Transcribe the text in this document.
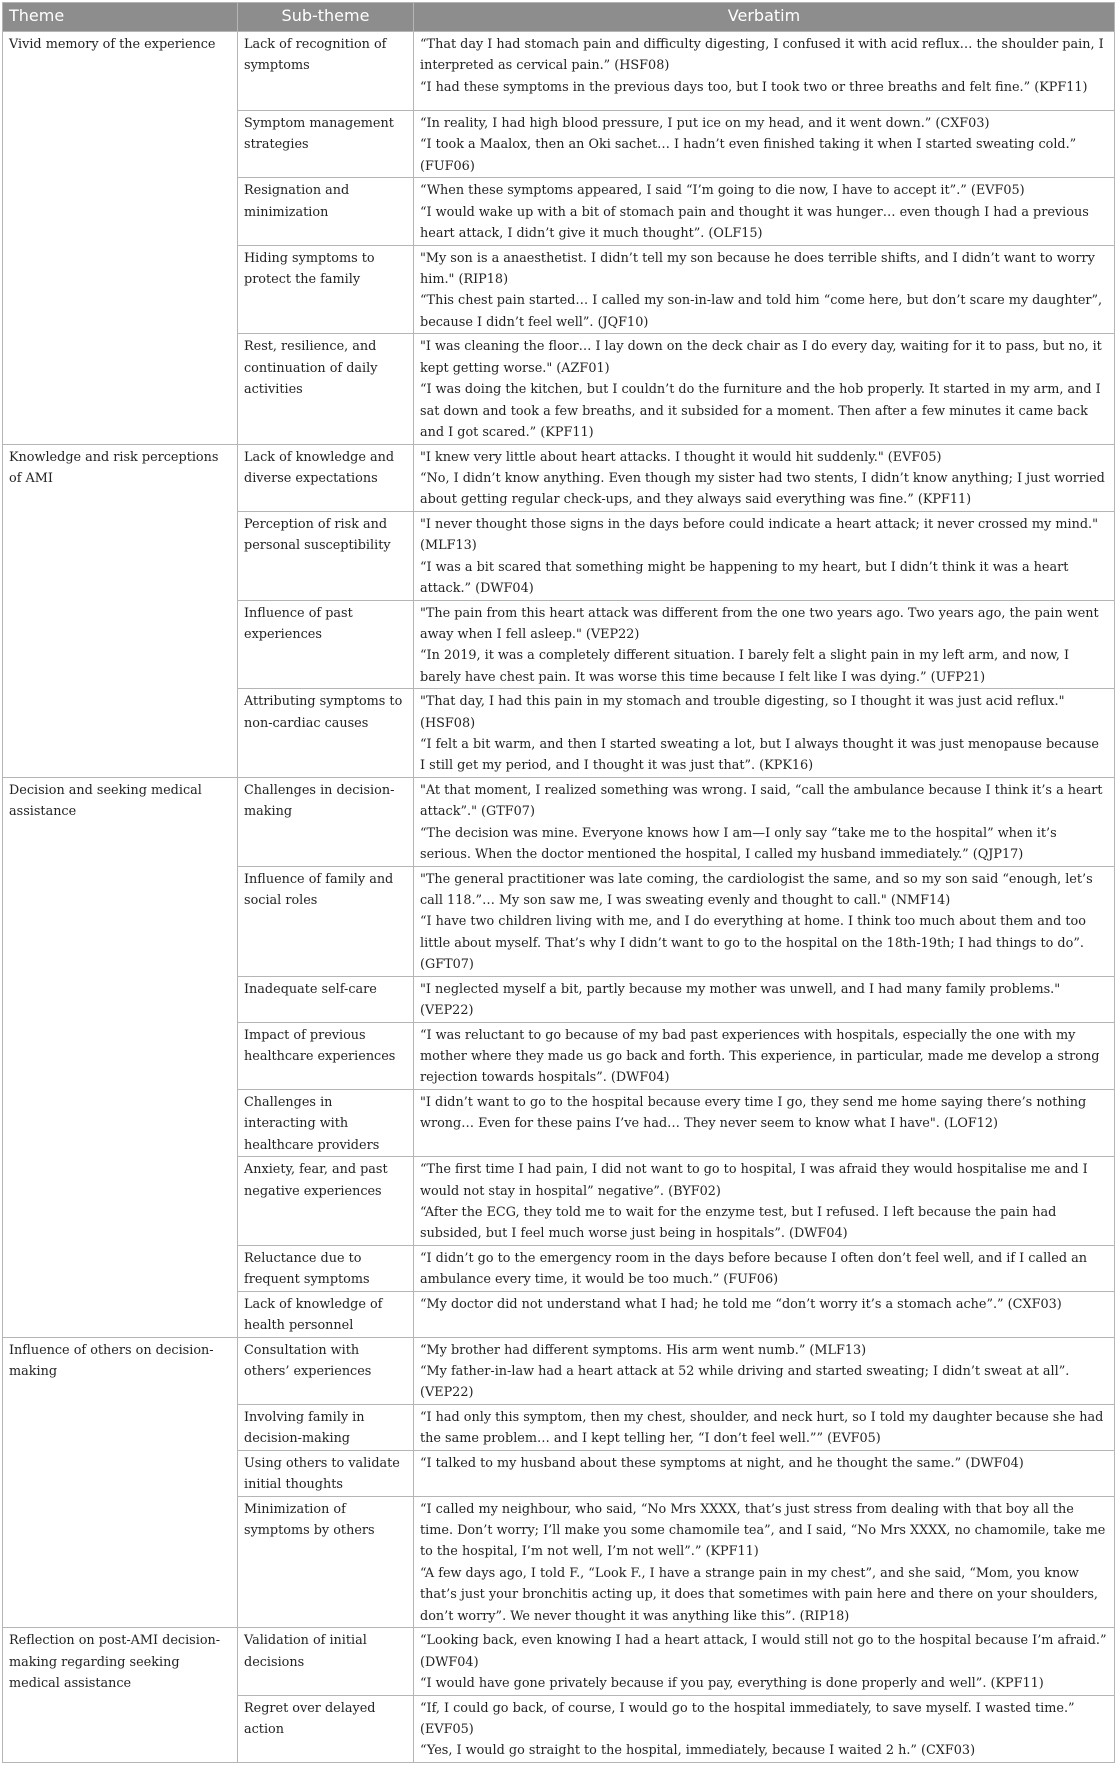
Theme	Sub-theme	Verbatim
Vivid memory of the experience	Lack of recognition of symptoms	“That day I had stomach pain and difficulty digesting, I confused it with acid reflux… the shoulder pain, I interpreted as cervical pain.” (HSF08)
“I had these symptoms in the previous days too, but I took two or three breaths and felt fine.” (KPF11)

	Symptom management strategies	“In reality, I had high blood pressure, I put ice on my head, and it went down.” (CXF03)
“I took a Maalox, then an Oki sachet… I hadn’t even finished taking it when I started sweating cold.” (FUF06)

	Resignation and minimization	“When these symptoms appeared, I said “I’m going to die now, I have to accept it”.” (EVF05)
“I would wake up with a bit of stomach pain and thought it was hunger… even though I had a previous heart attack, I didn’t give it much thought”. (OLF15)

	Hiding symptoms to protect the family	"My son is a anaesthetist. I didn’t tell my son because he does terrible shifts, and I didn’t want to worry him." (RIP18)
“This chest pain started… I called my son-in-law and told him “come here, but don’t scare my daughter”, because I didn’t feel well”. (JQF10)

	Rest, resilience, and continuation of daily activities	"I was cleaning the floor… I lay down on the deck chair as I do every day, waiting for it to pass, but no, it kept getting worse." (AZF01)
“I was doing the kitchen, but I couldn’t do the furniture and the hob properly. It started in my arm, and I sat down and took a few breaths, and it subsided for a moment. Then after a few minutes it came back and I got scared.” (KPF11)

Knowledge and risk perceptions of AMI	Lack of knowledge and diverse expectations	"I knew very little about heart attacks. I thought it would hit suddenly." (EVF05)
“No, I didn’t know anything. Even though my sister had two stents, I didn’t know anything; I just worried about getting regular check-ups, and they always said everything was fine.” (KPF11)

	Perception of risk and personal susceptibility	"I never thought those signs in the days before could indicate a heart attack; it never crossed my mind." (MLF13)
“I was a bit scared that something might be happening to my heart, but I didn’t think it was a heart attack.” (DWF04)

	Influence of past experiences	"The pain from this heart attack was different from the one two years ago. Two years ago, the pain went away when I fell asleep." (VEP22)
“In 2019, it was a completely different situation. I barely felt a slight pain in my left arm, and now, I barely have chest pain. It was worse this time because I felt like I was dying.” (UFP21)

	Attributing symptoms to non-cardiac causes	"That day, I had this pain in my stomach and trouble digesting, so I thought it was just acid reflux." (HSF08)
“I felt a bit warm, and then I started sweating a lot, but I always thought it was just menopause because I still get my period, and I thought it was just that”. (KPK16)

Decision and seeking medical assistance	Challenges in decision-making	"At that moment, I realized something was wrong. I said, “call the ambulance because I think it’s a heart attack”." (GTF07)
“The decision was mine. Everyone knows how I am—I only say “take me to the hospital” when it’s serious. When the doctor mentioned the hospital, I called my husband immediately.” (QJP17)

	Influence of family and social roles	"The general practitioner was late coming, the cardiologist the same, and so my son said “enough, let’s call 118.”… My son saw me, I was sweating evenly and thought to call." (NMF14)
“I have two children living with me, and I do everything at home. I think too much about them and too little about myself. That’s why I didn’t want to go to the hospital on the 18th-19th; I had things to do”. (GFT07)

	Inadequate self-care	"I neglected myself a bit, partly because my mother was unwell, and I had many family problems." (VEP22)

	Impact of previous healthcare experiences	“I was reluctant to go because of my bad past experiences with hospitals, especially the one with my mother where they made us go back and forth. This experience, in particular, made me develop a strong rejection towards hospitals”. (DWF04)

	Challenges in interacting with healthcare providers	"I didn’t want to go to the hospital because every time I go, they send me home saying there’s nothing wrong… Even for these pains I’ve had… They never seem to know what I have". (LOF12)

	Anxiety, fear, and past negative experiences	“The first time I had pain, I did not want to go to hospital, I was afraid they would hospitalise me and I would not stay in hospital” negative”. (BYF02)
“After the ECG, they told me to wait for the enzyme test, but I refused. I left because the pain had subsided, but I feel much worse just being in hospitals”. (DWF04)

	Reluctance due to frequent symptoms	“I didn’t go to the emergency room in the days before because I often don’t feel well, and if I called an ambulance every time, it would be too much.” (FUF06)

	Lack of knowledge of health personnel	“My doctor did not understand what I had; he told me “don’t worry it’s a stomach ache”.” (CXF03)

Influence of others on decision-making	Consultation with others’ experiences	“My brother had different symptoms. His arm went numb.” (MLF13)
“My father-in-law had a heart attack at 52 while driving and started sweating; I didn’t sweat at all”. (VEP22)

	Involving family in decision-making	“I had only this symptom, then my chest, shoulder, and neck hurt, so I told my daughter because she had the same problem… and I kept telling her, “I don’t feel well.”” (EVF05)

	Using others to validate initial thoughts	“I talked to my husband about these symptoms at night, and he thought the same.” (DWF04)

	Minimization of symptoms by others	“I called my neighbour, who said, “No Mrs XXXX, that’s just stress from dealing with that boy all the time. Don’t worry; I’ll make you some chamomile tea”, and I said, “No Mrs XXXX, no chamomile, take me to the hospital, I’m not well, I’m not well”.” (KPF11)
“A few days ago, I told F., “Look F., I have a strange pain in my chest”, and she said, “Mom, you know that’s just your bronchitis acting up, it does that sometimes with pain here and there on your shoulders, don’t worry”. We never thought it was anything like this”. (RIP18)

Reflection on post-AMI decision-making regarding seeking medical assistance	Validation of initial decisions	“Looking back, even knowing I had a heart attack, I would still not go to the hospital because I’m afraid.” (DWF04)
“I would have gone privately because if you pay, everything is done properly and well”. (KPF11)

	Regret over delayed action	“If, I could go back, of course, I would go to the hospital immediately, to save myself. I wasted time.” (EVF05)
“Yes, I would go straight to the hospital, immediately, because I waited 2 h.” (CXF03)
